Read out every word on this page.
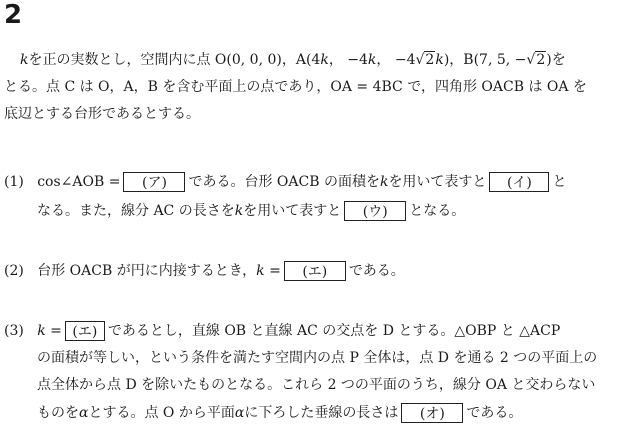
2
kを正の実数とし，空間内に点 O(0, 0, 0)，A(4k， −4k， −4√2k)，B(7, 5, −√2)を
とる。点 C は O，A，B を含む平面上の点であり，OA = 4BC で，四角形 OACB は OA を
底辺とする台形であるとする。
(1) cos∠AOB = (ア) である。台形 OACB の面積をkを用いて表すと (イ) と
なる。また，線分 AC の長さをkを用いて表すと (ウ) となる。
(2) 台形 OACB が円に内接するとき，k = (エ) である。
(3) k = (エ) であるとし，直線 OB と直線 AC の交点を D とする。△OBP と △ACP
の面積が等しい，という条件を満たす空間内の点 P 全体は，点 D を通る 2 つの平面上の
点全体から点 D を除いたものとなる。これら 2 つの平面のうち，線分 OA と交わらない
ものをαとする。点 O から平面αに下ろした垂線の長さは (オ) である。
